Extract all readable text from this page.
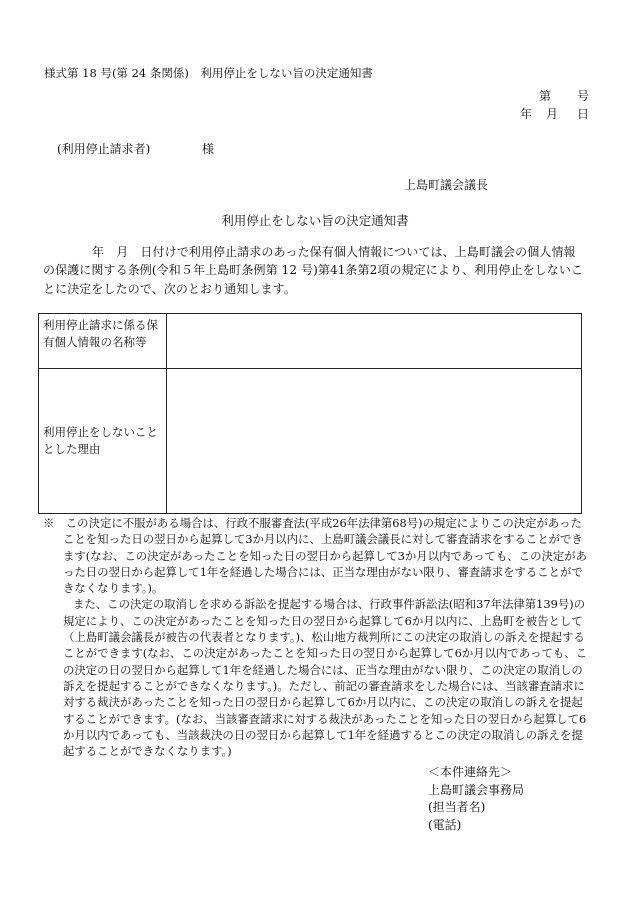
様式第 18 号(第 24 条関係)　利用停止をしない旨の決定通知書
第 号
年 月 日
(利用停止請求者)	様
上島町議会議長
利用停止をしない旨の決定通知書
年　月　日付けで利用停止請求のあった保有個人情報については、上島町議会の個人情報の保護に関する条例(令和５年上島町条例第 12 号)第41条第2項の規定により、利用停止をしないことに決定をしたので、次のとおり通知します。
利用停止請求に係る保有個人情報の名称等	
利用停止をしないこととした理由	

※　この決定に不服がある場合は、行政不服審査法(平成26年法律第68号)の規定によりこの決定があったことを知った日の翌日から起算して3か月以内に、上島町議会議長に対して審査請求をすることができます(なお、この決定があったことを知った日の翌日から起算して3か月以内であっても、この決定があった日の翌日から起算して1年を経過した場合には、正当な理由がない限り、審査請求をすることができなくなります。)。

また、この決定の取消しを求める訴訟を提起する場合は、行政事件訴訟法(昭和37年法律第139号)の規定により、この決定があったことを知った日の翌日から起算して6か月以内に、上島町を被告として（上島町議会議長が被告の代表者となります。)、松山地方裁判所にこの決定の取消しの訴えを提起することができます(なお、この決定があったことを知った日の翌日から起算して6か月以内であっても、この決定の日の翌日から起算して1年を経過した場合には、正当な理由がない限り、この決定の取消しの訴えを提起することができなくなります。)。ただし、前記の審査請求をした場合には、当該審査請求に対する裁決があったことを知った日の翌日から起算して6か月以内に、この決定の取消しの訴えを提起することができます。(なお、当該審査請求に対する裁決があったことを知った日の翌日から起算して6か月以内であっても、当該裁決の日の翌日から起算して1年を経過するとこの決定の取消しの訴えを提起することができなくなります。)

＜本件連絡先＞
上島町議会事務局
(担当者名)
(電話)
